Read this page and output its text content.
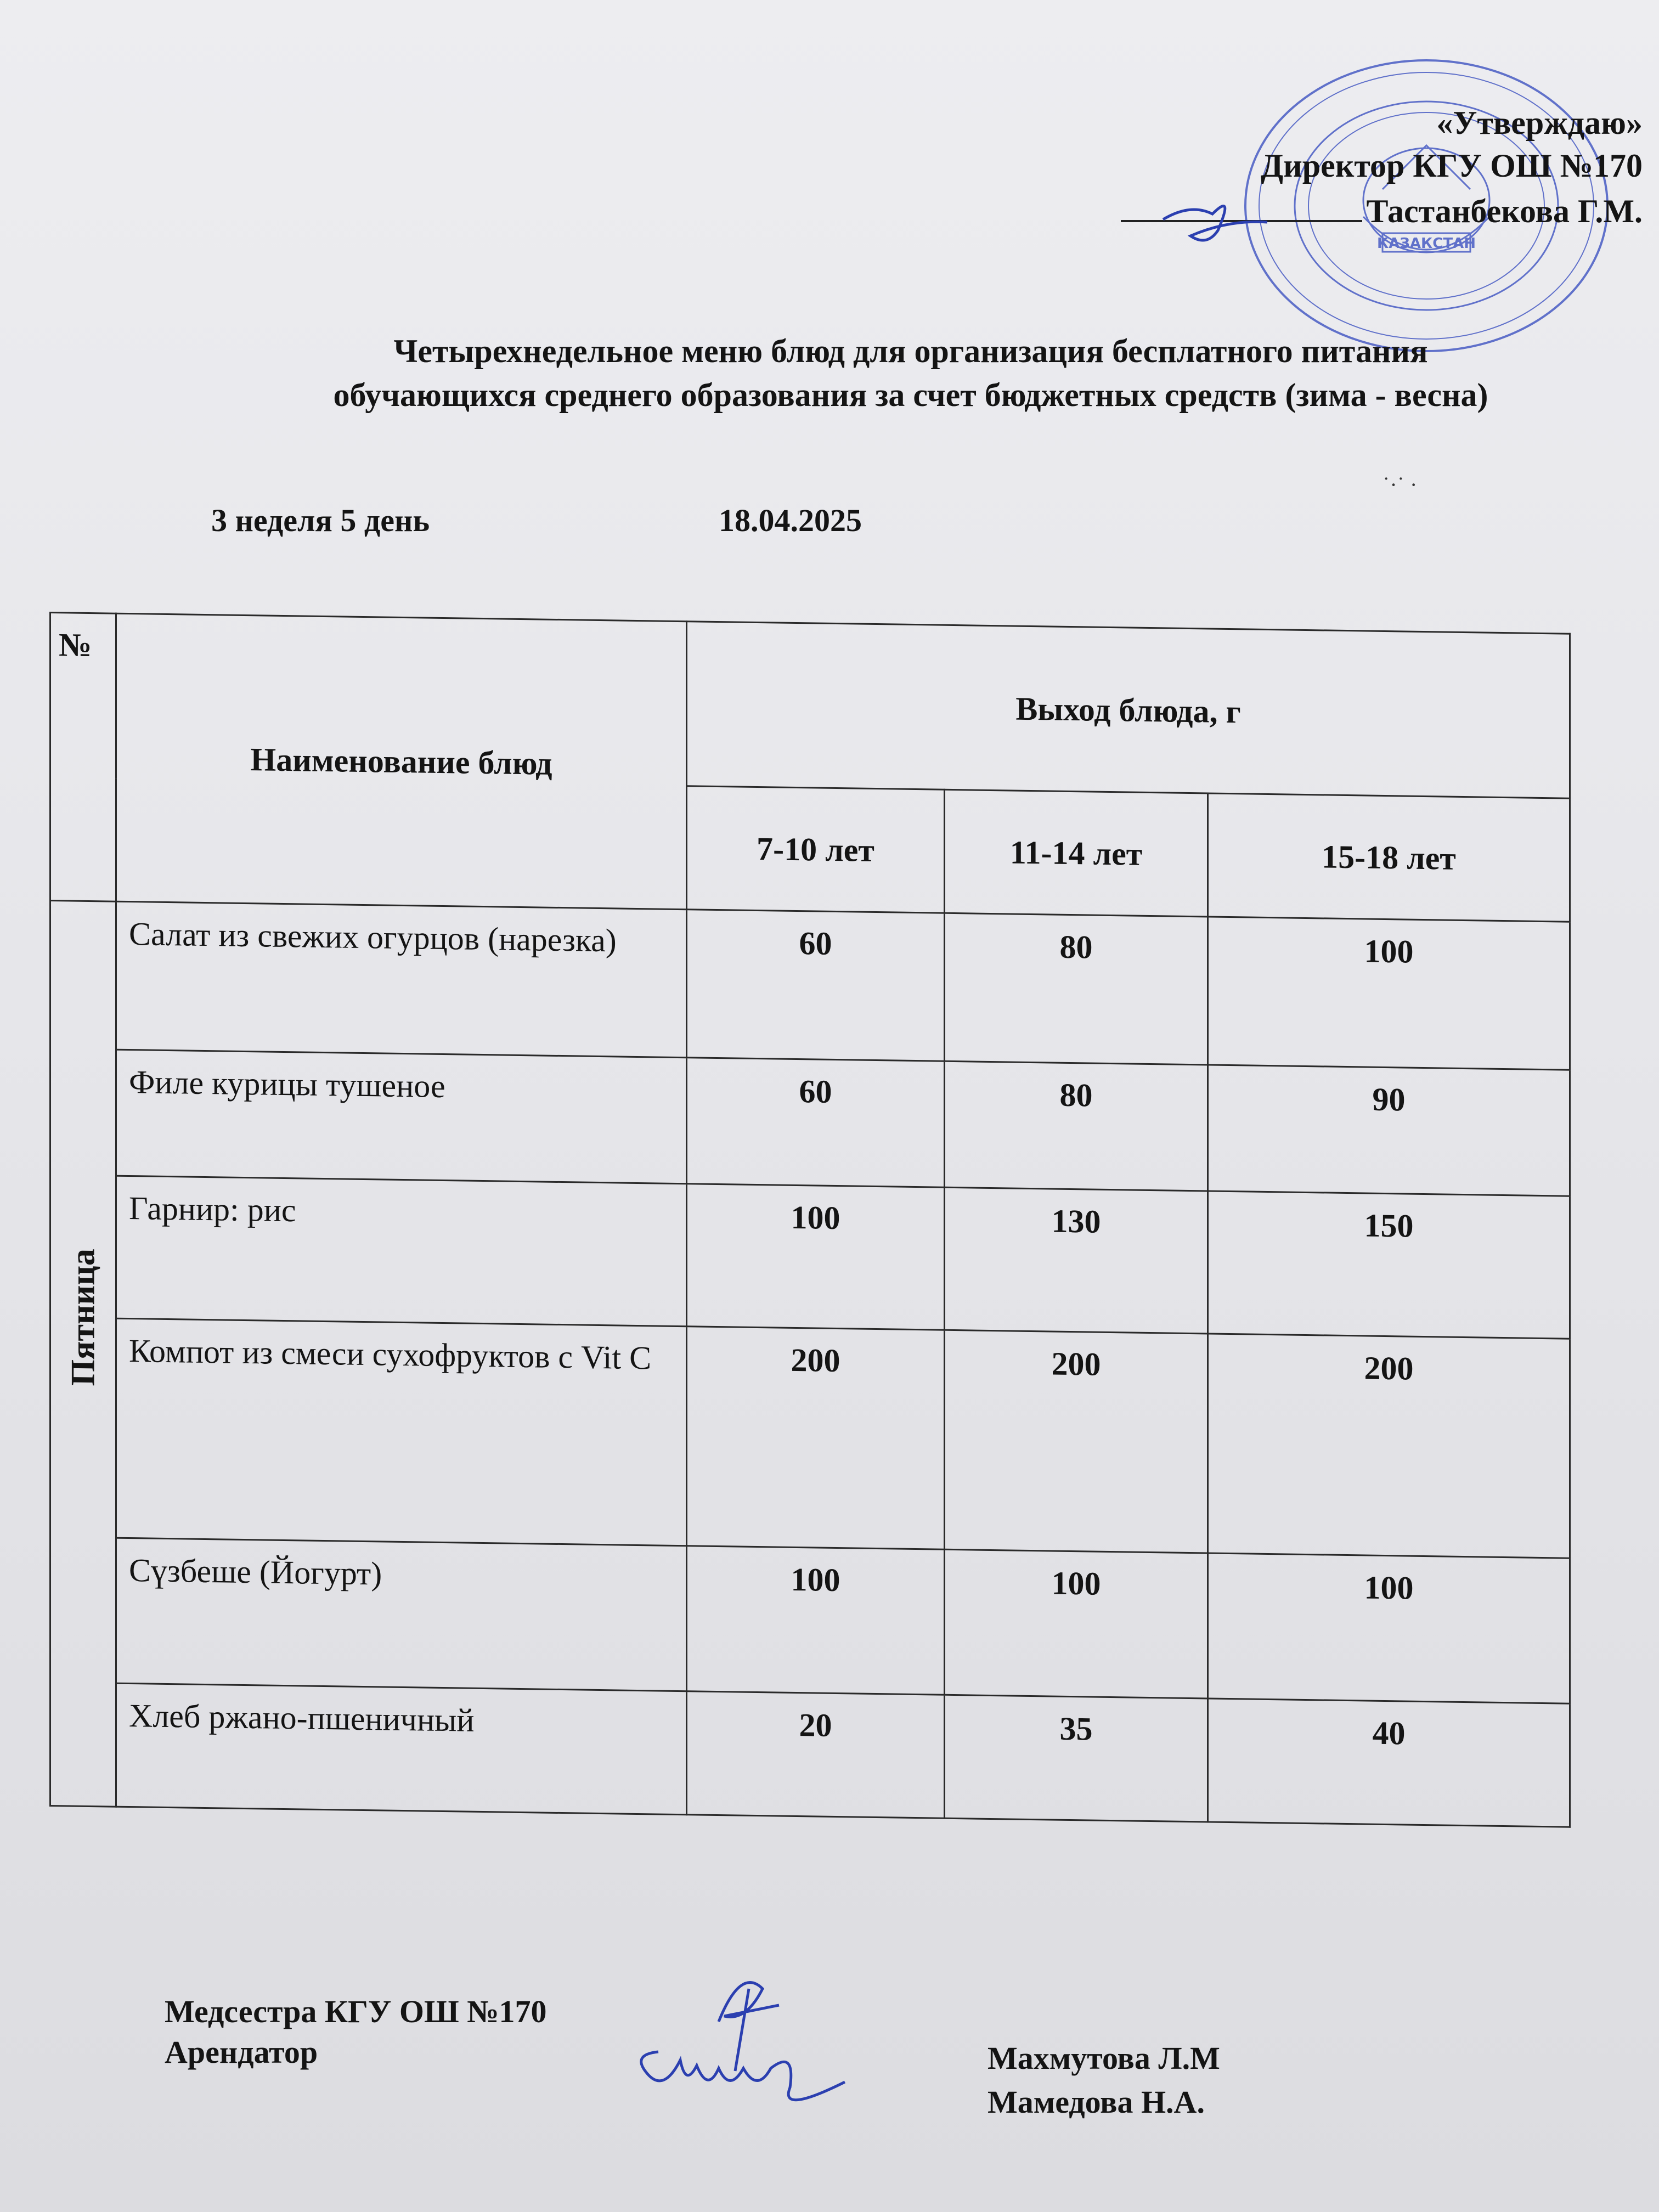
КАЗАКСТАН
«Утверждаю»
Директор КГУ ОШ №170
Тастанбекова Г.М.
Четырехнедельное меню блюд для организация бесплатного питания
обучающихся среднего образования за счет бюджетных средств (зима - весна)
˙·˙ ·
3 неделя 5 день	18.04.2025
№	Наименование блюд	Выход блюда, г		
		7-10 лет	11-14 лет	15-18 лет

Пятница	Салат из свежих огурцов (нарезка)	60	80	100
	Филе курицы тушеное	60	80	90
	Гарнир: рис	100	130	150
	Компот из смеси сухофруктов с Vit C	200	200	200
	Сүзбеше (Йогурт)	100	100	100
	Хлеб ржано-пшеничный	20	35	40
Медсестра КГУ ОШ №170
Арендатор	Махмутова Л.М
Мамедова Н.А.
